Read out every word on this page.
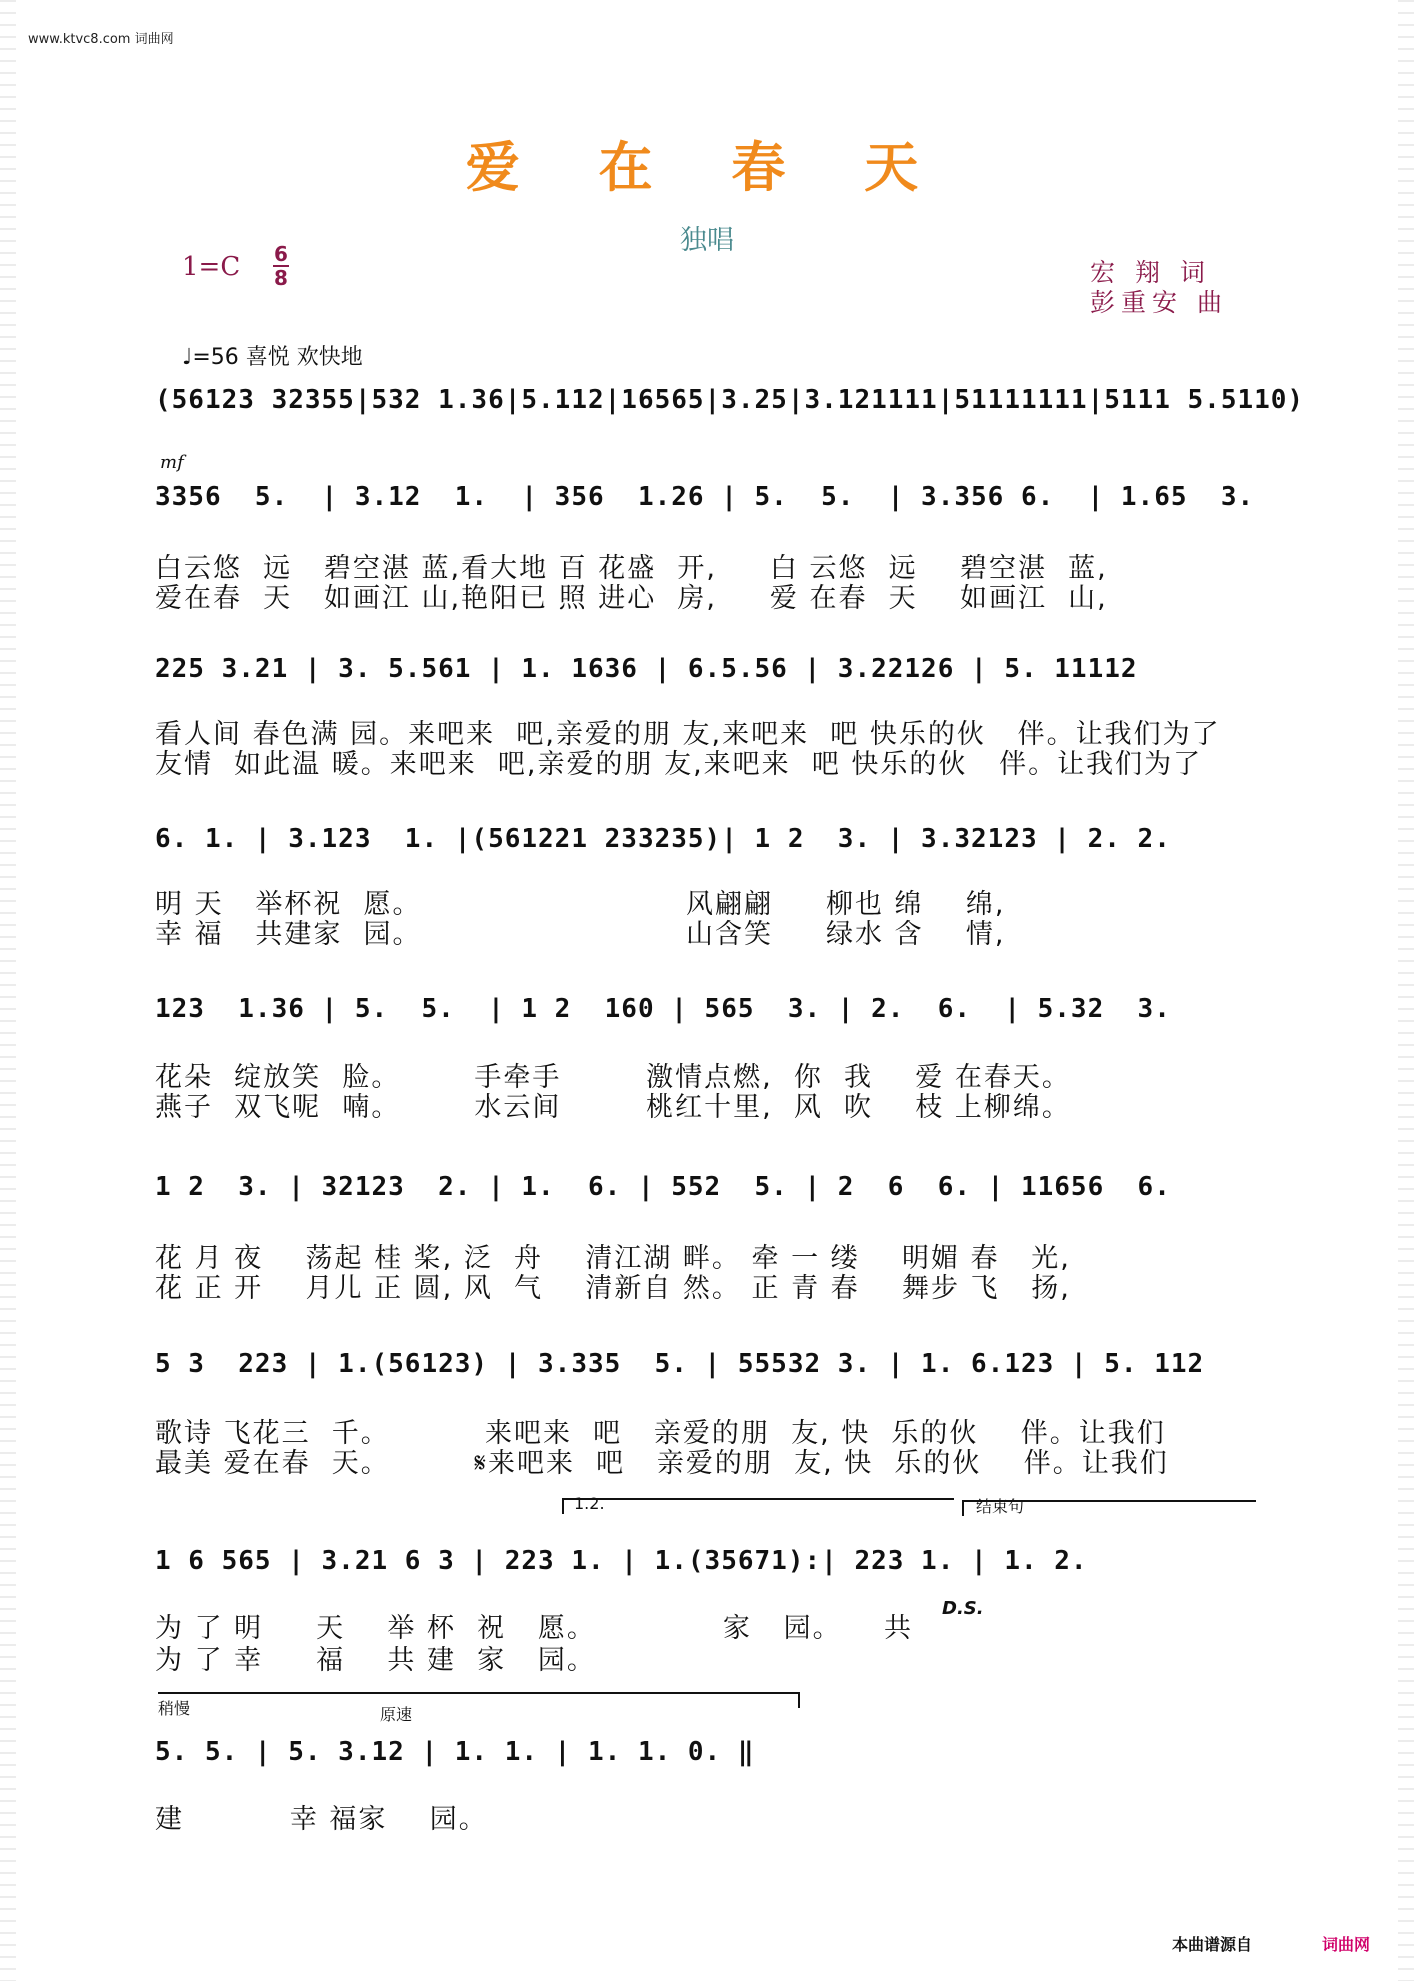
www.ktvc8.com 词曲网
爱 在 春 天
独唱
1=C 6
8	宏 翔 词
彭重安 曲
♩=56 喜悦 欢快地
mf
(56123 32355|532 1.36|5.112|16565|3.25|3.121111|51111111|5111 5.5110)
3356  5.  | 3.12  1.  | 356  1.26 | 5.  5.  | 3.356 6.  | 1.65  3.
白云悠  远   碧空湛 蓝,看大地 百 花盛  开,     白 云悠  远    碧空湛  蓝,
爱在春  天   如画江 山,艳阳已 照 进心  房,     爱 在春  天    如画江  山,
225 3.21 | 3. 5.561 | 1. 1636 | 6.5.56 | 3.22126 | 5. 11112
看人间 春色满 园。来吧来  吧,亲爱的朋 友,来吧来  吧 快乐的伙   伴。让我们为了
友情  如此温 暖。来吧来  吧,亲爱的朋 友,来吧来  吧 快乐的伙   伴。让我们为了
6. 1. | 3.123  1. |(561221 233235)| 1 2  3. | 3.32123 | 2. 2.
明 天   举杯祝  愿。                         风翩翩     柳也 绵    绵,
幸 福   共建家  园。                         山含笑     绿水 含    情,
123  1.36 | 5.  5.  | 1 2  160 | 565  3. | 2.  6.  | 5.32  3.
花朵  绽放笑  脸。       手牵手        激情点燃,  你  我    爱 在春天。
燕子  双飞呢  喃。       水云间        桃红十里,  风  吹    枝 上柳绵。
1 2  3. | 32123  2. | 1.  6. | 552  5. | 2  6  6. | 11656  6.
花 月 夜    荡起 桂 桨, 泛  舟    清江湖 畔。 牵 一 缕    明媚 春   光,
花 正 开    月儿 正 圆, 风  气    清新自 然。 正 青 春    舞步 飞   扬,
5 3  223 | 1.(56123) | 3.335  5. | 55532 3. | 1. 6.123 | 5. 112
歌诗 飞花三  千。         来吧来  吧   亲爱的朋  友, 快  乐的伙    伴。让我们
最美 爱在春  天。        𝄋来吧来  吧   亲爱的朋  友, 快  乐的伙    伴。让我们
1.2.	结束句
1 6 565 | 3.21 6 3 | 223 1. | 1.(35671):| 223 1. | 1. 2.
D.S.
为 了 明     天    举 杯  祝   愿。            家   园。    共
为 了 幸     福    共 建  家   园。
稍慢	原速
5. 5. | 5. 3.12 | 1. 1. | 1. 1. 0. ‖
建          幸 福家    园。
本曲谱源自	词曲网
